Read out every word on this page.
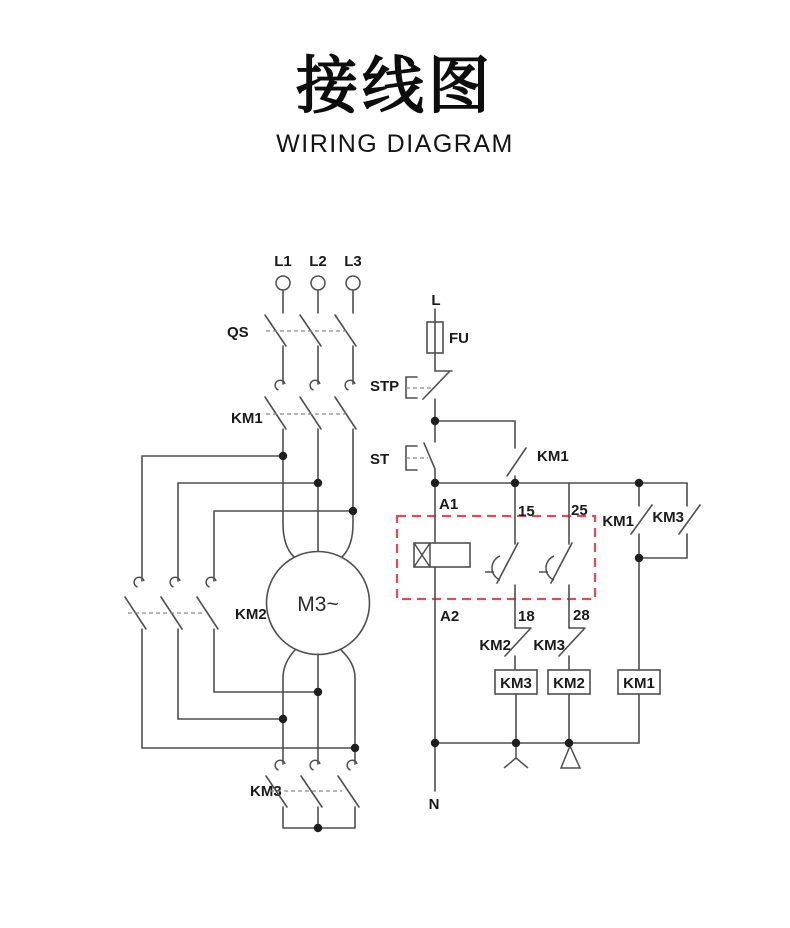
接线图
WIRING DIAGRAM
L1 L2 L3
QS
KM1
KM2 M3~
KM3
L
FU
STP
KM1
ST
A1	15 25
A2	18	28
KM2
KM3
KM3
KM2
KM1 KM3
KM1
N
